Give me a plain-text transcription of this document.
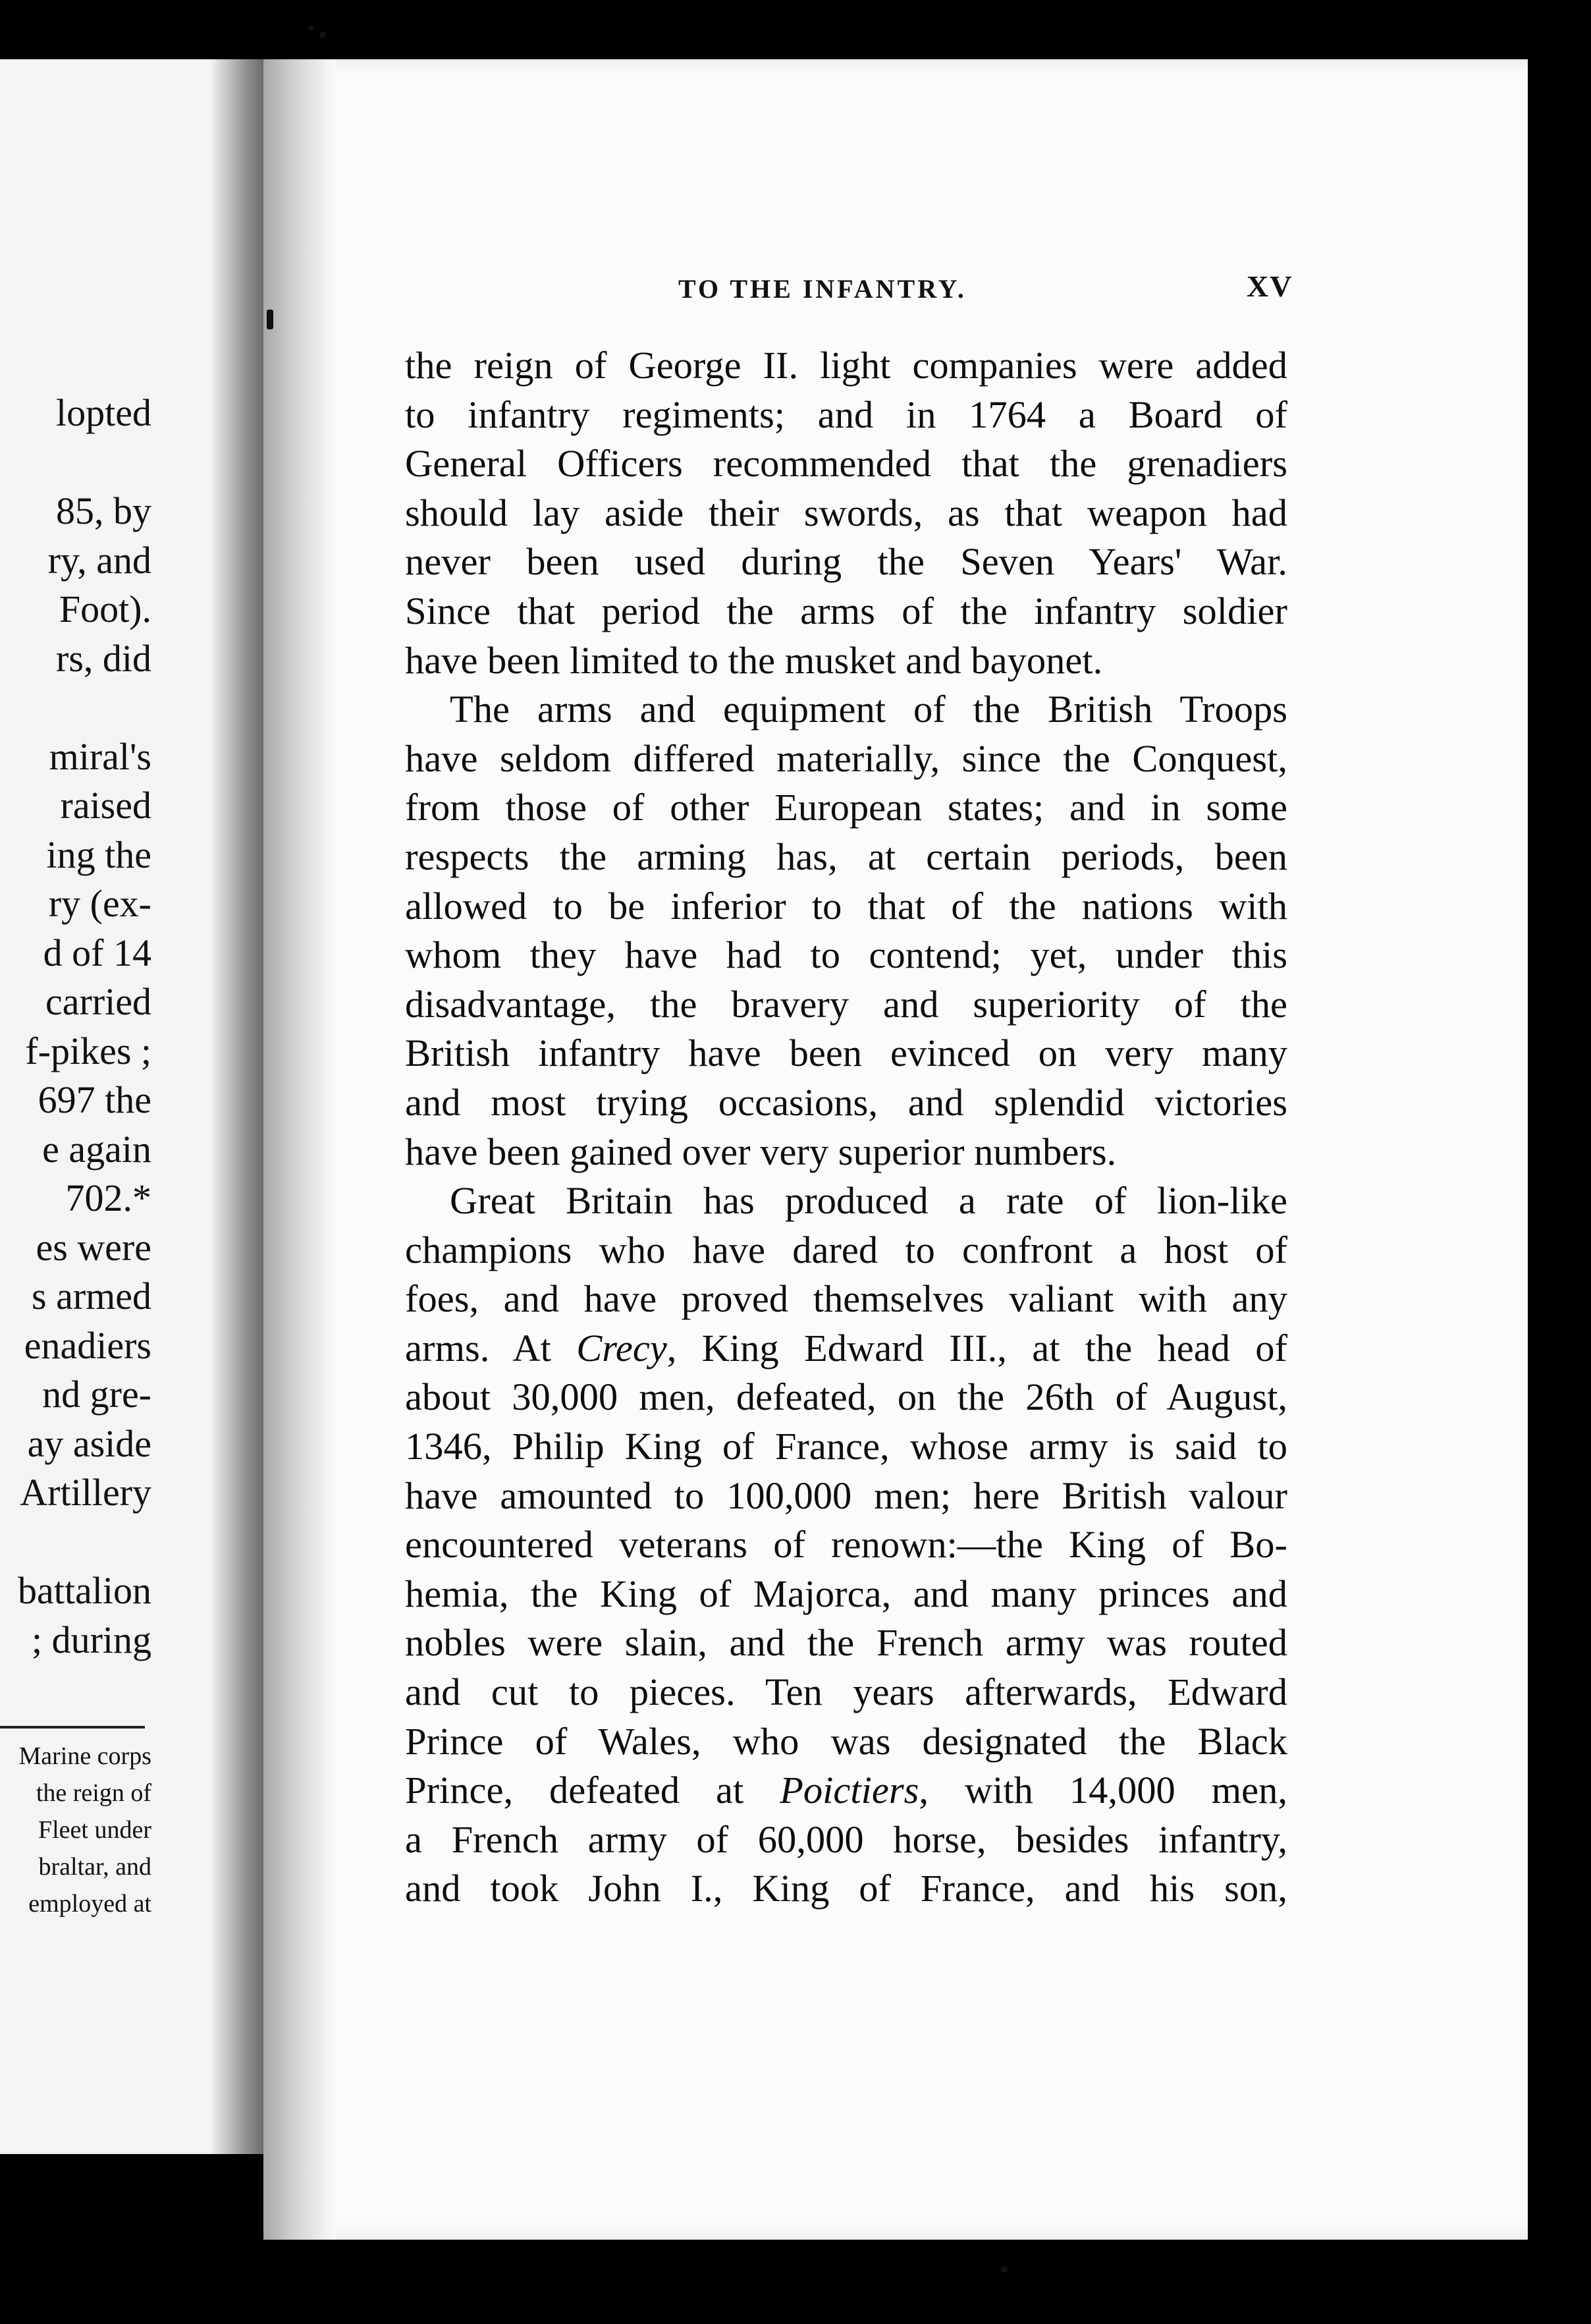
lopted
85, by
ry, and
Foot).
rs, did
miral's
raised
ing the
ry (ex-
d of 14
carried
f-pikes ;
697 the
e again
702.*
es were
s armed
enadiers
nd gre-
ay aside
Artillery
battalion
; during
Marine corps
the reign of
Fleet under
braltar, and
employed at
TO THE INFANTRY.	XV
the reign of George II. light companies were added
to infantry regiments; and in 1764 a Board of
General Officers recommended that the grenadiers
should lay aside their swords, as that weapon had
never been used during the Seven Years' War.
Since that period the arms of the infantry soldier
have been limited to the musket and bayonet.
The arms and equipment of the British Troops
have seldom differed materially, since the Conquest,
from those of other European states; and in some
respects the arming has, at certain periods, been
allowed to be inferior to that of the nations with
whom they have had to contend; yet, under this
disadvantage, the bravery and superiority of the
British infantry have been evinced on very many
and most trying occasions, and splendid victories
have been gained over very superior numbers.
Great Britain has produced a rate of lion-like
champions who have dared to confront a host of
foes, and have proved themselves valiant with any
arms. At Crecy, King Edward III., at the head of
about 30,000 men, defeated, on the 26th of August,
1346, Philip King of France, whose army is said to
have amounted to 100,000 men; here British valour
encountered veterans of renown:—the King of Bo-
hemia, the King of Majorca, and many princes and
nobles were slain, and the French army was routed
and cut to pieces. Ten years afterwards, Edward
Prince of Wales, who was designated the Black
Prince, defeated at Poictiers, with 14,000 men,
a French army of 60,000 horse, besides infantry,
and took John I., King of France, and his son,
